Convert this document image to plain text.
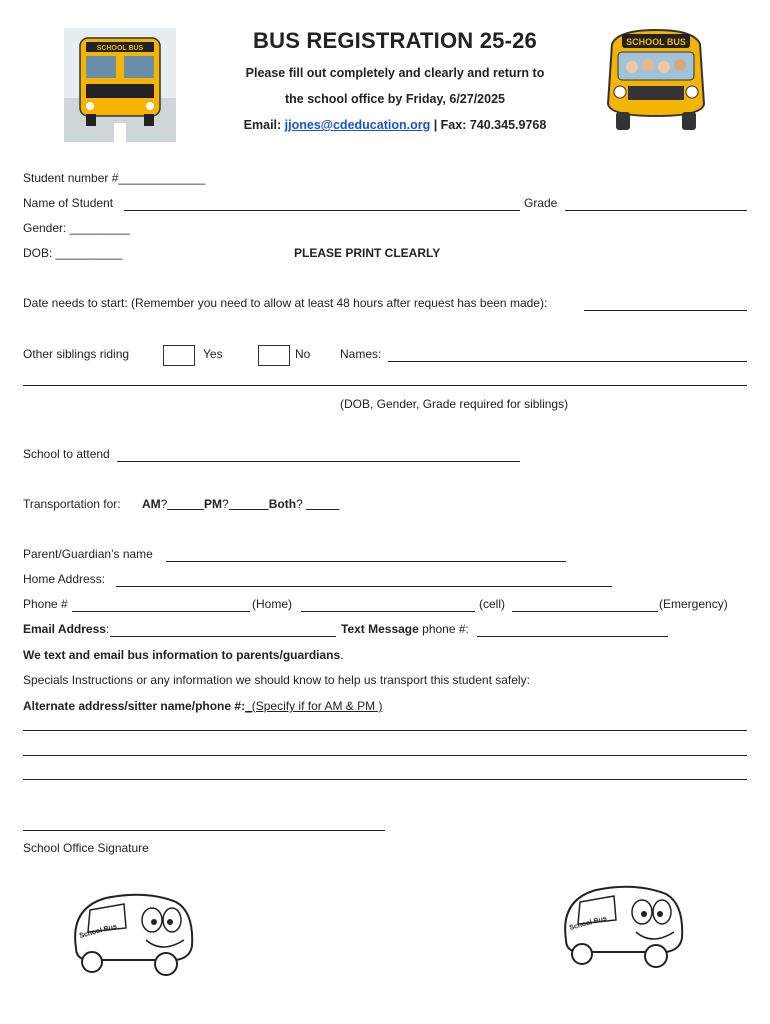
SCHOOL BUS
SCHOOL BUS
BUS REGISTRATION 25-26
Please fill out completely and clearly and return to
the school office by Friday, 6/27/2025
Email: jjones@cdeducation.org | Fax: 740.345.9768
Student number #_____________
Name of Student	Grade
Gender: _________
DOB: __________	PLEASE PRINT CLEARLY
Date needs to start: (Remember you need to allow at least 48 hours after request has been made):
Other siblings riding	Yes	No Names:
(DOB, Gender, Grade required for siblings)
School to attend
Transportation for: AM?	PM?	Both?
Parent/Guardian’s name
Home Address:
Phone #	(Home)	(cell)	(Emergency)
Email Address:	Text Message phone #:
We text and email bus information to parents/guardians.
Specials Instructions or any information we should know to help us transport this student safely:
Alternate address/sitter name/phone #:_(Specify if for AM & PM )
School Office Signature
School Bus	School Bus
